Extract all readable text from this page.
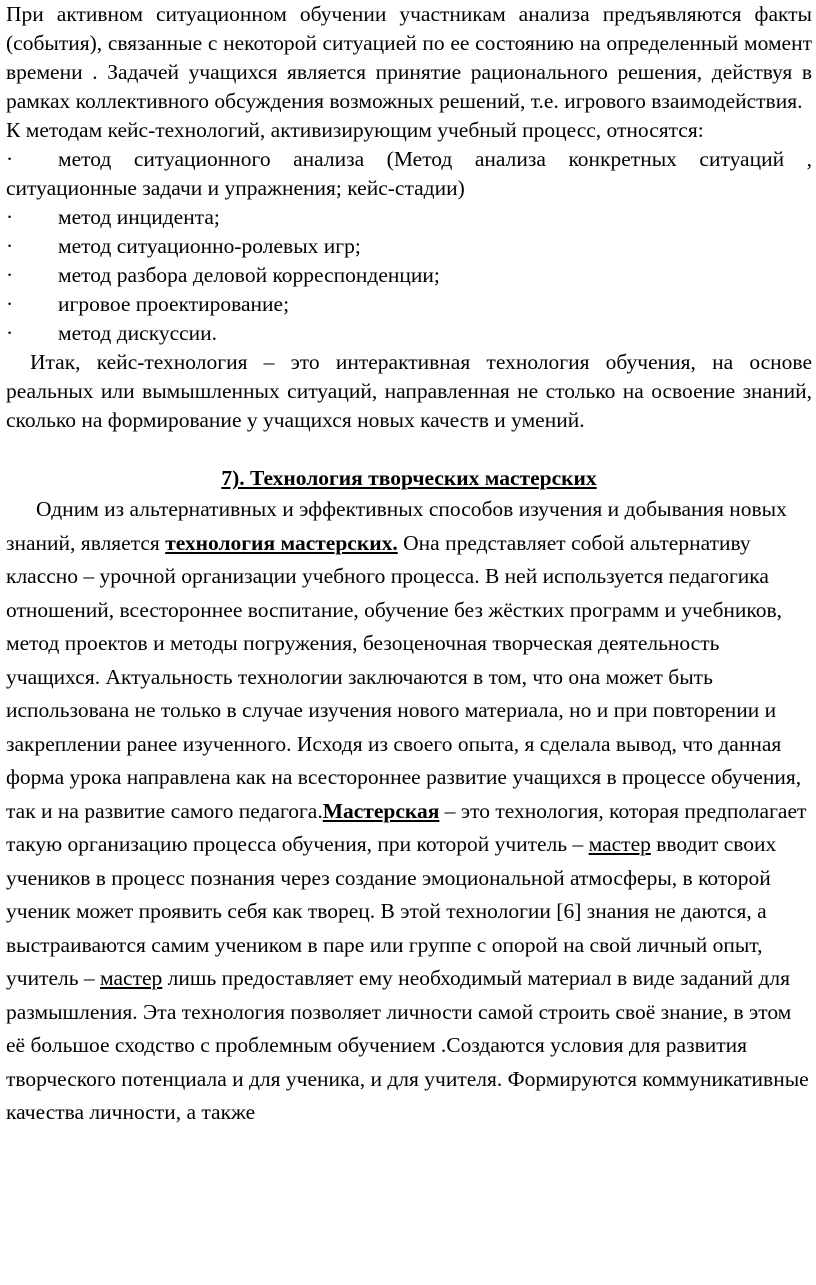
При активном ситуационном обучении участникам анализа предъявляются факты (события), связанные с некоторой ситуацией по ее состоянию на определенный момент времени . Задачей учащихся является принятие рационального решения, действуя в рамках коллективного обсуждения возможных решений, т.е. игрового взаимодействия.

К методам кейс-технологий, активизирующим учебный процесс, относятся:

·	метод ситуационного анализа (Метод анализа конкретных ситуаций , ситуационные задачи и упражнения; кейс-стадии)
·	метод инцидента;
·	метод ситуационно-ролевых игр;
·	метод разбора деловой корреспонденции;
·	игровое проектирование;
·	метод дискуссии.

Итак, кейс-технология – это интерактивная технология обучения, на основе реальных или вымышленных ситуаций, направленная не столько на освоение знаний, сколько на формирование у учащихся новых качеств и умений.

7). Технология творческих мастерских

Одним из альтернативных и эффективных способов изучения и добывания новых знаний, является технология мастерских. Она представляет собой альтернативу классно – урочной организации учебного процесса. В ней используется педагогика отношений, всестороннее воспитание, обучение без жёстких программ и учебников, метод проектов и методы погружения, безоценочная творческая деятельность учащихся. Актуальность технологии заключаются в том, что она может быть использована не только в случае изучения нового материала, но и при повторении и закреплении ранее изученного. Исходя из своего опыта, я сделала вывод, что данная форма урока направлена как на всестороннее развитие учащихся в процессе обучения, так и на развитие самого педагога.Мастерская – это технология, которая предполагает такую организацию процесса обучения, при которой учитель – мастер вводит своих учеников в процесс познания через создание эмоциональной атмосферы, в которой ученик может проявить себя как творец. В этой технологии [6] знания не даются, а выстраиваются самим учеником в паре или группе с опорой на свой личный опыт, учитель – мастер лишь предоставляет ему необходимый материал в виде заданий для размышления. Эта технология позволяет личности самой строить своё знание, в этом её большое сходство с проблемным обучением .Создаются условия для развития творческого потенциала и для ученика, и для учителя. Формируются коммуникативные качества личности, а также
